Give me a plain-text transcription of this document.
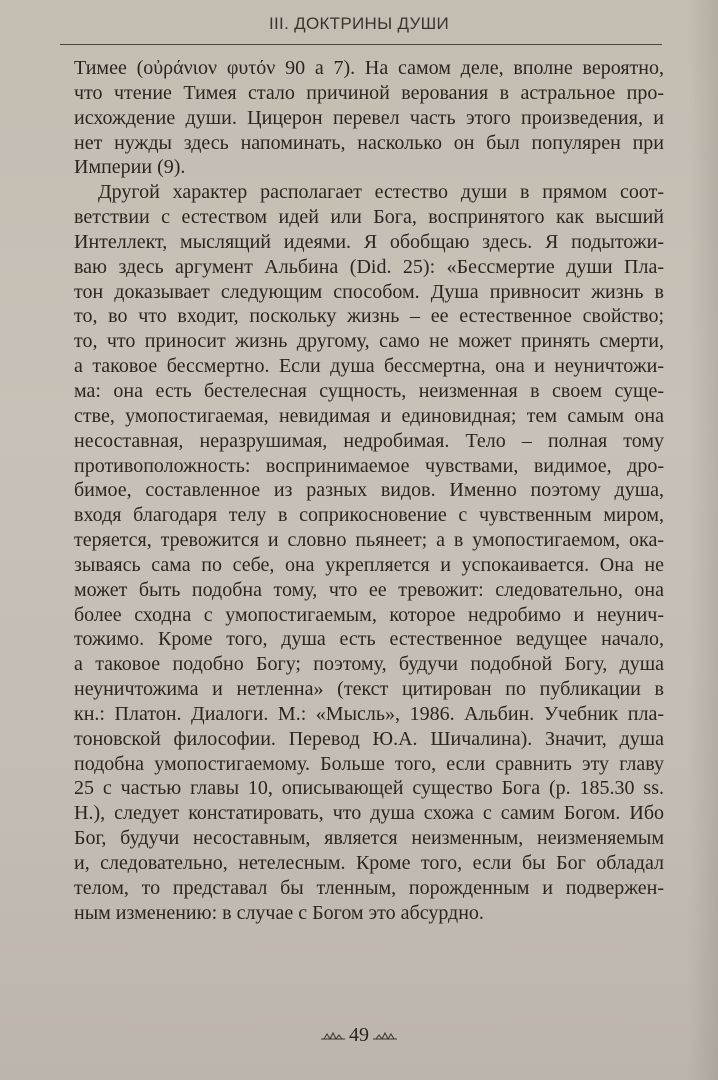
III. ДОКТРИНЫ ДУШИ
Тимее (οὐράνιον φυτόν 90 а 7). На самом деле, вполне вероятно,
что чтение Тимея стало причиной верования в астральное про-
исхождение души. Цицерон перевел часть этого произведения, и
нет нужды здесь напоминать, насколько он был популярен при
Империи (9).
Другой характер располагает естество души в прямом соот-
ветствии с естеством идей или Бога, воспринятого как высший
Интеллект, мыслящий идеями. Я обобщаю здесь. Я подытожи-
ваю здесь аргумент Альбина (Did. 25): «Бессмертие души Пла-
тон доказывает следующим способом. Душа привносит жизнь в
то, во что входит, поскольку жизнь – ее естественное свойство;
то, что приносит жизнь другому, само не может принять смерти,
а таковое бессмертно. Если душа бессмертна, она и неуничтожи-
ма: она есть бестелесная сущность, неизменная в своем суще-
стве, умопостигаемая, невидимая и единовидная; тем самым она
несоставная, неразрушимая, недробимая. Тело – полная тому
противоположность: воспринимаемое чувствами, видимое, дро-
бимое, составленное из разных видов. Именно поэтому душа,
входя благодаря телу в соприкосновение с чувственным миром,
теряется, тревожится и словно пьянеет; а в умопостигаемом, ока-
зываясь сама по себе, она укрепляется и успокаивается. Она не
может быть подобна тому, что ее тревожит: следовательно, она
более сходна с умопостигаемым, которое недробимо и неунич-
тожимо. Кроме того, душа есть естественное ведущее начало,
а таковое подобно Богу; поэтому, будучи подобной Богу, душа
неуничтожима и нетленна» (текст цитирован по публикации в
кн.: Платон. Диалоги. М.: «Мысль», 1986. Альбин. Учебник пла-
тоновской философии. Перевод Ю.А. Шичалина). Значит, душа
подобна умопостигаемому. Больше того, если сравнить эту главу
25 с частью главы 10, описывающей существо Бога (p. 185.30 ss.
H.), следует констатировать, что душа схожа с самим Богом. Ибо
Бог, будучи несоставным, является неизменным, неизменяемым
и, следовательно, нетелесным. Кроме того, если бы Бог обладал
телом, то представал бы тленным, порожденным и подвержен-
ным изменению: в случае с Богом это абсурдно.
49
